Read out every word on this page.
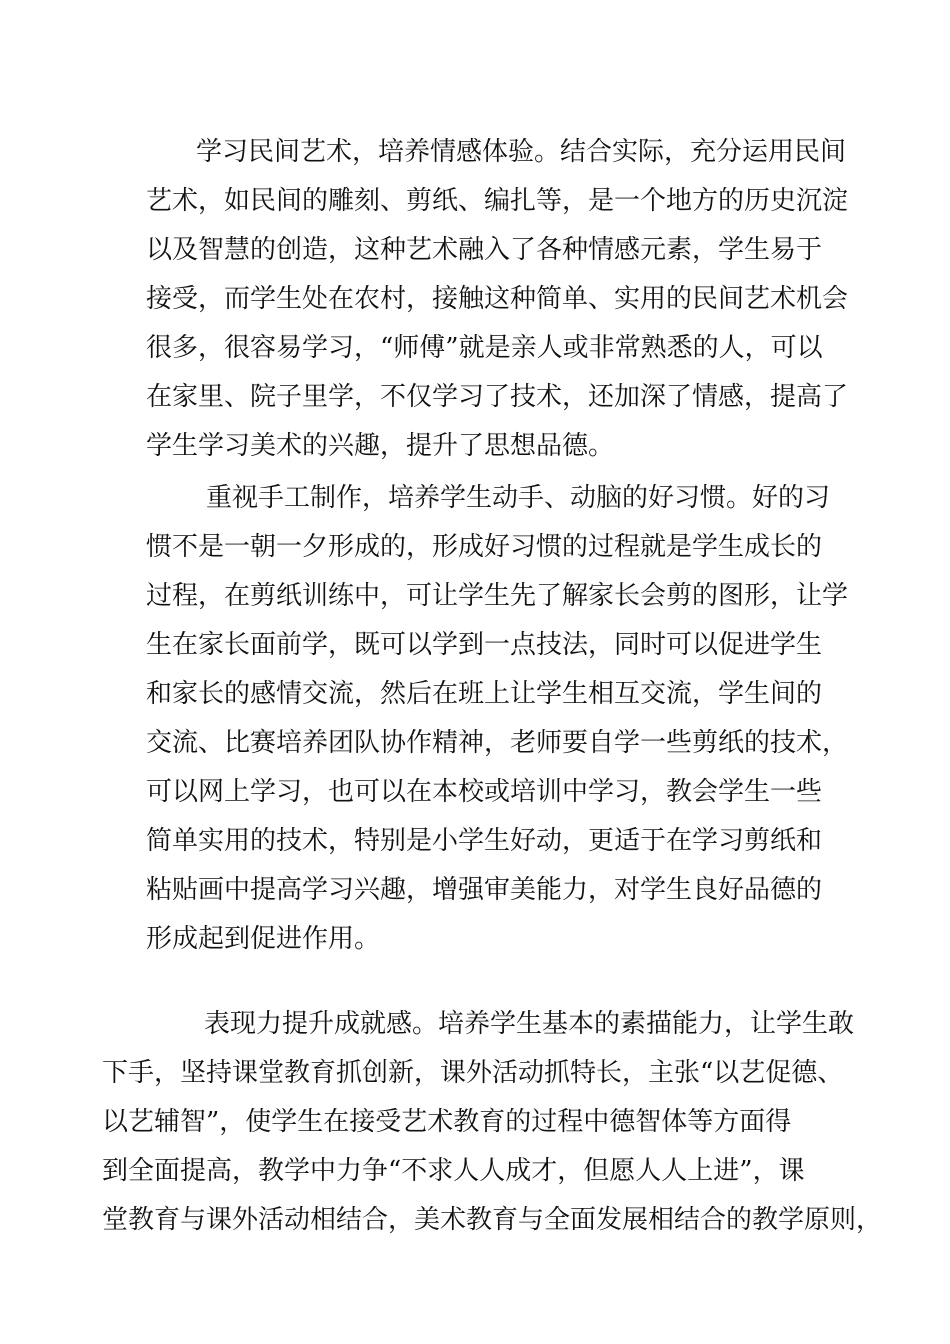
学习民间艺术，培养情感体验。结合实际，充分运用民间
艺术，如民间的雕刻、剪纸、编扎等，是一个地方的历史沉淀
以及智慧的创造，这种艺术融入了各种情感元素，学生易于
接受，而学生处在农村，接触这种简单、实用的民间艺术机会
很多，很容易学习，“师傅”就是亲人或非常熟悉的人，可以
在家里、院子里学，不仅学习了技术，还加深了情感，提高了
学生学习美术的兴趣，提升了思想品德。
重视手工制作，培养学生动手、动脑的好习惯。好的习
惯不是一朝一夕形成的，形成好习惯的过程就是学生成长的
过程，在剪纸训练中，可让学生先了解家长会剪的图形，让学
生在家长面前学，既可以学到一点技法，同时可以促进学生
和家长的感情交流，然后在班上让学生相互交流，学生间的
交流、比赛培养团队协作精神，老师要自学一些剪纸的技术，
可以网上学习，也可以在本校或培训中学习，教会学生一些
简单实用的技术，特别是小学生好动，更适于在学习剪纸和
粘贴画中提高学习兴趣，增强审美能力，对学生良好品德的
形成起到促进作用。
表现力提升成就感。培养学生基本的素描能力，让学生敢
下手，坚持课堂教育抓创新，课外活动抓特长，主张“以艺促德、
以艺辅智”，使学生在接受艺术教育的过程中德智体等方面得
到全面提高，教学中力争“不求人人成才，但愿人人上进”，课
堂教育与课外活动相结合，美术教育与全面发展相结合的教学原则，
